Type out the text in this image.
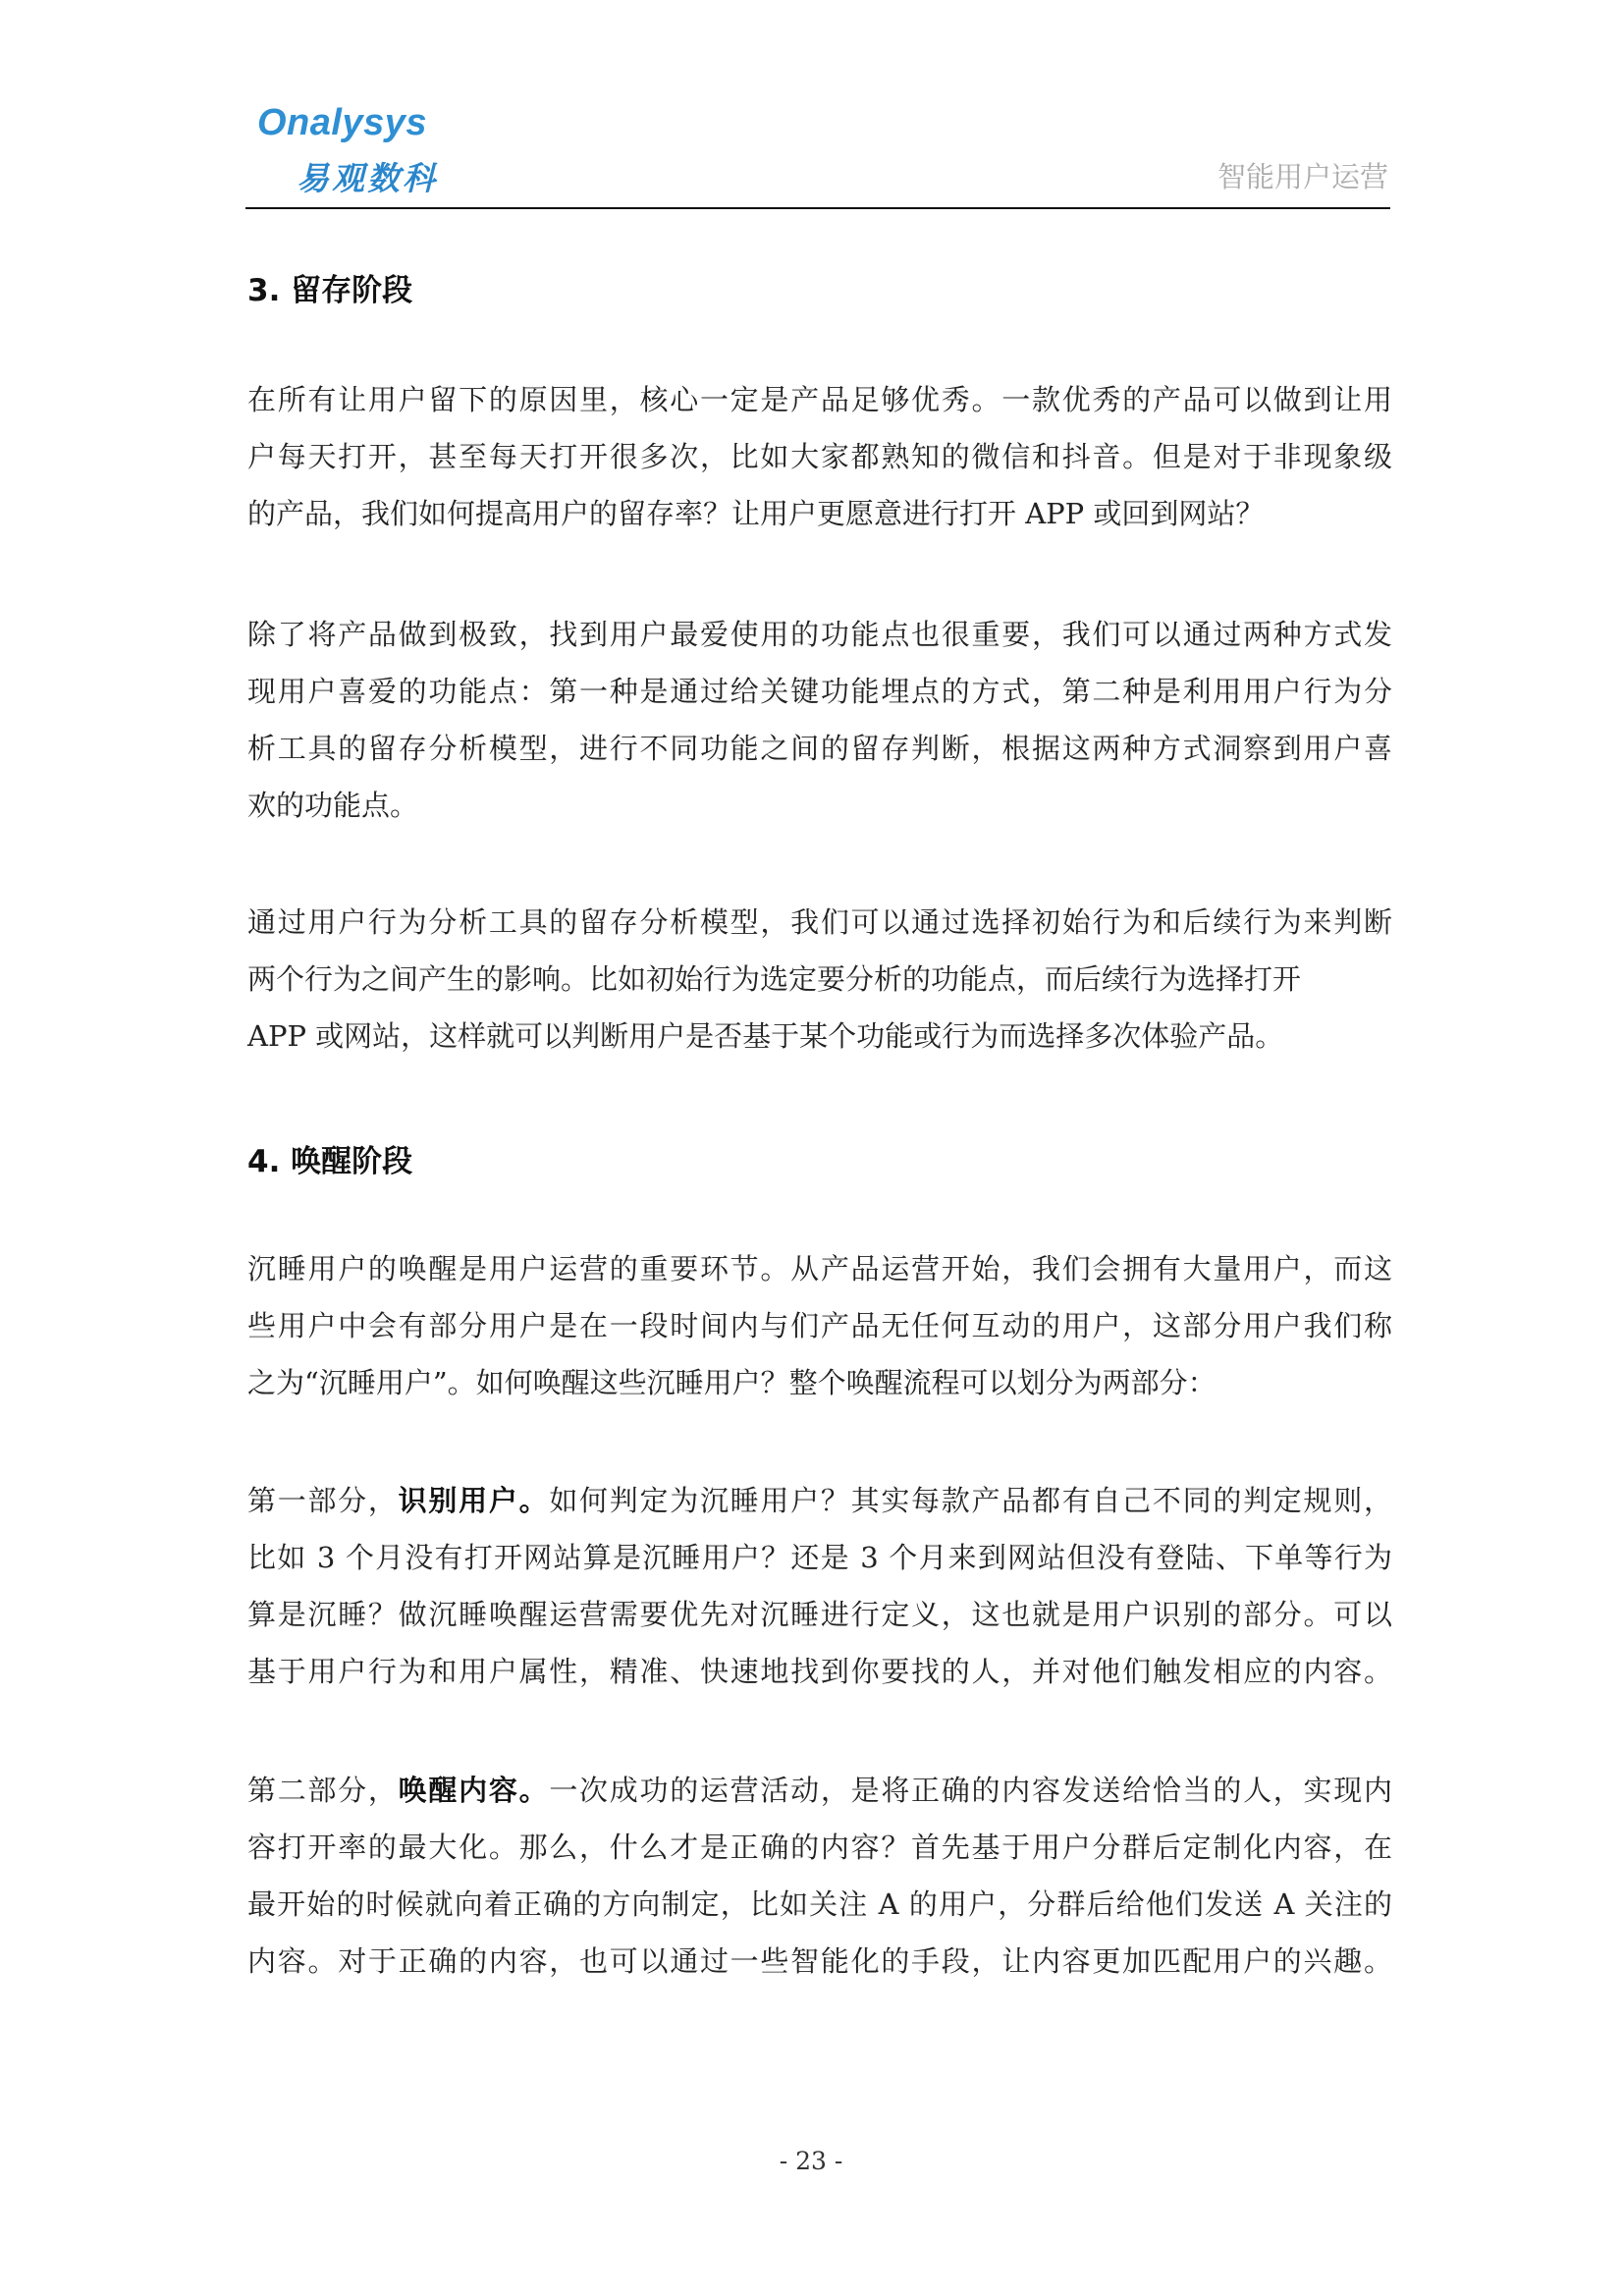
Onalysys
易观数科	智能用户运营
3. 留存阶段
在所有让用户留下的原因里，核心一定是产品足够优秀。一款优秀的产品可以做到让用
户每天打开，甚至每天打开很多次，比如大家都熟知的微信和抖音。但是对于非现象级
的产品，我们如何提高用户的留存率？让用户更愿意进行打开 APP 或回到网站？
除了将产品做到极致，找到用户最爱使用的功能点也很重要，我们可以通过两种方式发
现用户喜爱的功能点：第一种是通过给关键功能埋点的方式，第二种是利用用户行为分
析工具的留存分析模型，进行不同功能之间的留存判断，根据这两种方式洞察到用户喜
欢的功能点。
通过用户行为分析工具的留存分析模型，我们可以通过选择初始行为和后续行为来判断
两个行为之间产生的影响。比如初始行为选定要分析的功能点，而后续行为选择打开
APP 或网站，这样就可以判断用户是否基于某个功能或行为而选择多次体验产品。
4. 唤醒阶段
沉睡用户的唤醒是用户运营的重要环节。从产品运营开始，我们会拥有大量用户，而这
些用户中会有部分用户是在一段时间内与们产品无任何互动的用户，这部分用户我们称
之为“沉睡用户”。如何唤醒这些沉睡用户？整个唤醒流程可以划分为两部分：
第一部分，识别用户。如何判定为沉睡用户？其实每款产品都有自己不同的判定规则，
比如 3 个月没有打开网站算是沉睡用户？还是 3 个月来到网站但没有登陆、下单等行为
算是沉睡？做沉睡唤醒运营需要优先对沉睡进行定义，这也就是用户识别的部分。可以
基于用户行为和用户属性，精准、快速地找到你要找的人，并对他们触发相应的内容。
第二部分，唤醒内容。一次成功的运营活动，是将正确的内容发送给恰当的人，实现内
容打开率的最大化。那么，什么才是正确的内容？首先基于用户分群后定制化内容，在
最开始的时候就向着正确的方向制定，比如关注 A 的用户，分群后给他们发送 A 关注的
内容。对于正确的内容，也可以通过一些智能化的手段，让内容更加匹配用户的兴趣。
- 23 -
